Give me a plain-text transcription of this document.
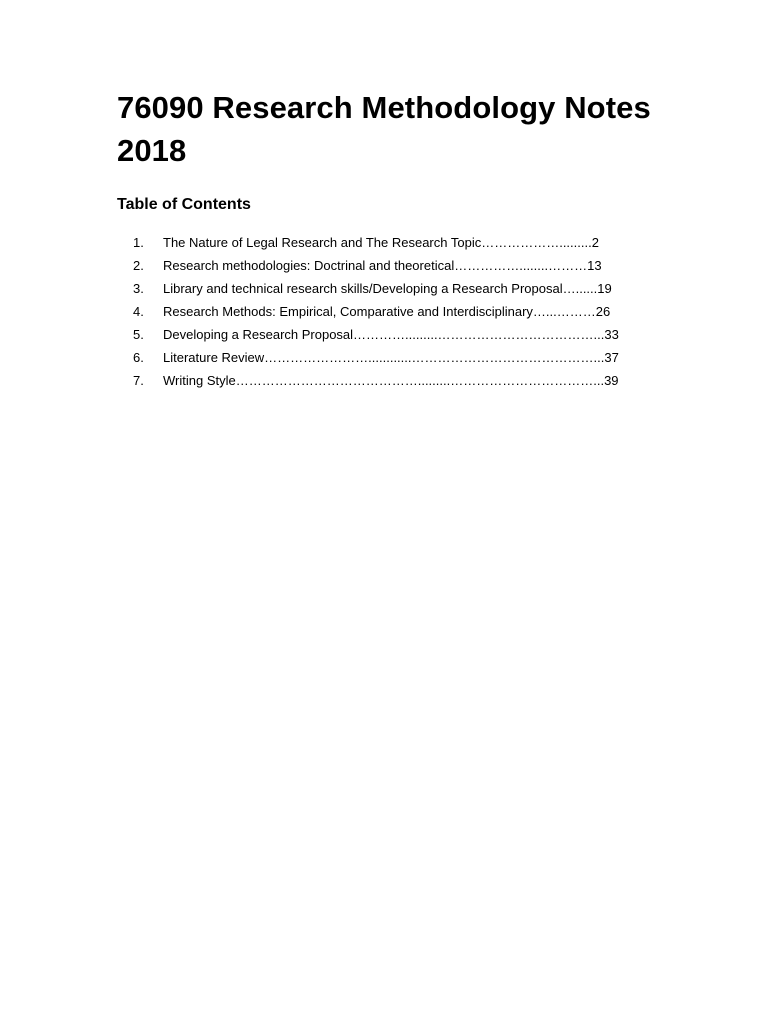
76090 Research Methodology Notes 2018
Table of Contents
1.	The Nature of Legal Research and The Research Topic……………….........2
2.	Research methodologies: Doctrinal and theoretical……………........………13
3.	Library and technical research skills/Developing a Research Proposal…......19
4.	Research Methods: Empirical, Comparative and Interdisciplinary…...………26
5.	Developing a Research Proposal………….........………………………………...33
6.	Literature Review……………………............……………………………………...37
7.	Writing Style…………………………………….........……………………………...39
